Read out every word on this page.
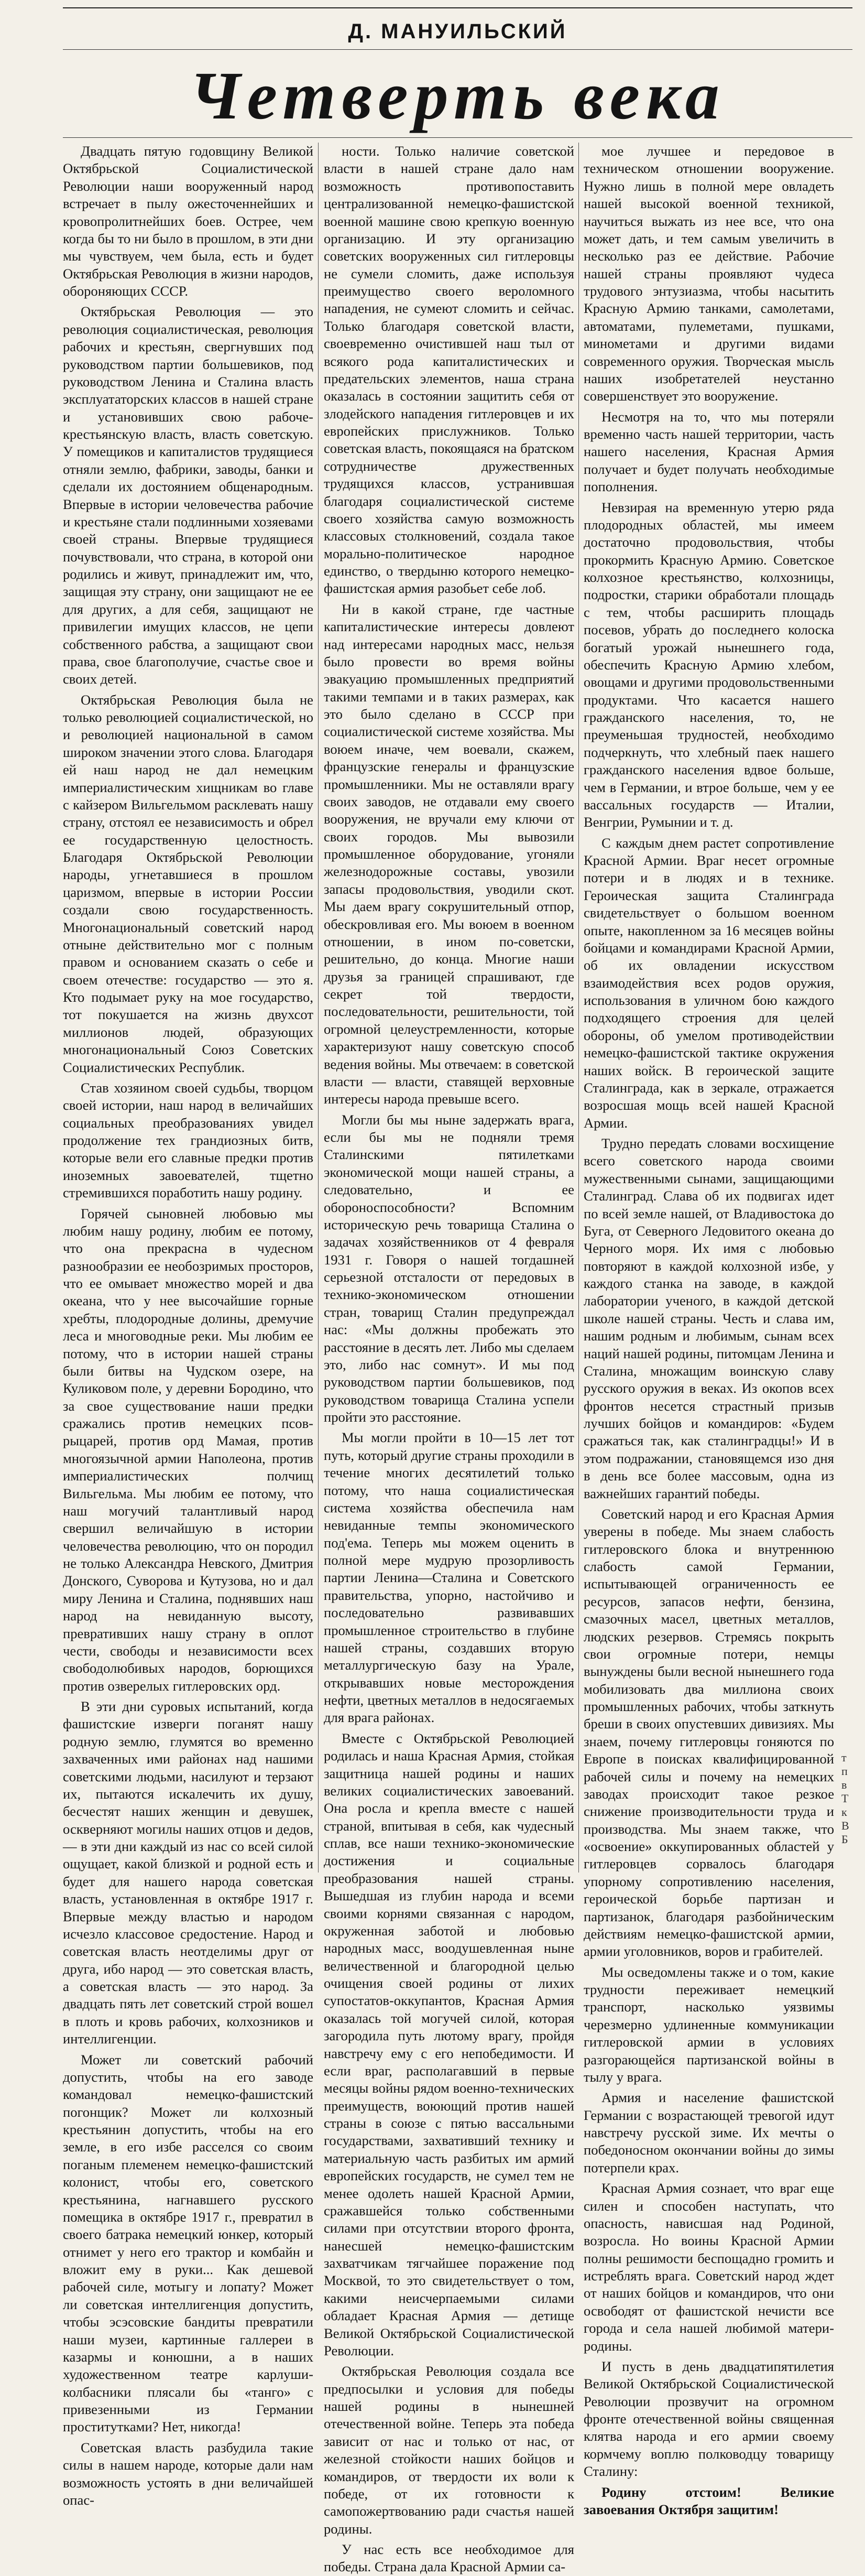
Д. МАНУИЛЬСКИЙ
Четверть века

Двадцать пятую годовщину Великой Октябрьской Социалистической Революции наши вооруженный народ встречает в пылу ожесточеннейших и кровопролитнейших боев. Острее, чем когда бы то ни было в прошлом, в эти дни мы чувствуем, чем была, есть и будет Октябрьская Революция в жизни народов, обороняющих СССР.

Октябрьская Революция — это революция социалистическая, революция рабочих и крестьян, свергнувших под руководством партии большевиков, под руководством Ленина и Сталина власть эксплуататорских классов в нашей стране и установивших свою рабоче-крестьянскую власть, власть советскую. У помещиков и капиталистов трудящиеся отняли землю, фабрики, заводы, банки и сделали их достоянием общенародным. Впервые в истории человечества рабочие и крестьяне стали подлинными хозяевами своей страны. Впервые трудящиеся почувствовали, что страна, в которой они родились и живут, принадлежит им, что, защищая эту страну, они защищают не ее для других, а для себя, защищают не привилегии имущих классов, не цепи собственного рабства, а защищают свои права, свое благополучие, счастье свое и своих детей.

Октябрьская Революция была не только революцией социалистической, но и революцией национальной в самом широком значении этого слова. Благодаря ей наш народ не дал немецким империалистическим хищникам во главе с кайзером Вильгельмом расклевать нашу страну, отстоял ее независимость и обрел ее государственную целостность. Благодаря Октябрьской Революции народы, угнетавшиеся в прошлом царизмом, впервые в истории России создали свою государственность. Многонациональный советский народ отныне действительно мог с полным правом и основанием сказать о себе и своем отечестве: государство — это я. Кто подымает руку на мое государство, тот покушается на жизнь двухсот миллионов людей, образующих многонациональный Союз Советских Социалистических Республик.

Став хозяином своей судьбы, творцом своей истории, наш народ в величайших социальных преобразованиях увидел продолжение тех грандиозных битв, которые вели его славные предки против иноземных завоевателей, тщетно стремившихся поработить нашу родину.

Горячей сыновней любовью мы любим нашу родину, любим ее потому, что она прекрасна в чудесном разнообразии ее необозримых просторов, что ее омывает множество морей и два океана, что у нее высочайшие горные хребты, плодородные долины, дремучие леса и многоводные реки. Мы любим ее потому, что в истории нашей страны были битвы на Чудском озере, на Куликовом поле, у деревни Бородино, что за свое существование наши предки сражались против немецких псов-рыцарей, против орд Мамая, против многоязычной армии Наполеона, против империалистических полчищ Вильгельма. Мы любим ее потому, что наш могучий талантливый народ свершил величайшую в истории человечества революцию, что он породил не только Александра Невского, Дмитрия Донского, Суворова и Кутузова, но и дал миру Ленина и Сталина, поднявших наш народ на невиданную высоту, превративших нашу страну в оплот чести, свободы и независимости всех свободолюбивых народов, борющихся против озверелых гитлеровских орд.

В эти дни суровых испытаний, когда фашистские изверги поганят нашу родную землю, глумятся во временно захваченных ими районах над нашими советскими людьми, насилуют и терзают их, пытаются искалечить их душу, бесчестят наших женщин и девушек, оскверняют могилы наших отцов и дедов, — в эти дни каждый из нас со всей силой ощущает, какой близкой и родной есть и будет для нашего народа советская власть, установленная в октябре 1917 г. Впервые между властью и народом исчезло классовое средостение. Народ и советская власть неотделимы друг от друга, ибо народ — это советская власть, а советская власть — это народ. За двадцать пять лет советский строй вошел в плоть и кровь рабочих, колхозников и интеллигенции.

Может ли советский рабочий допустить, чтобы на его заводе командовал немецко-фашистский погонщик? Может ли колхозный крестьянин допустить, чтобы на его земле, в его избе расселся со своим поганым племенем немецко-фашистский колонист, чтобы его, советского крестьянина, нагнавшего русского помещика в октябре 1917 г., превратил в своего батрака немецкий юнкер, который отнимет у него его трактор и комбайн и вложит ему в руки... Как дешевой рабочей силе, мотыгу и лопату? Может ли советская интеллигенция допустить, чтобы эсэсовские бандиты превратили наши музеи, картинные галлереи в казармы и конюшни, а в наших художественном театре карлуши-колбасники плясали бы «танго» с привезенными из Германии проститутками? Нет, никогда!

Советская власть разбудила такие силы в нашем народе, которые дали нам возможность устоять в дни величайшей опас-

ности. Только наличие советской власти в нашей стране дало нам возможность противопоставить централизованной немецко-фашистской военной машине свою крепкую военную организацию. И эту организацию советских вооруженных сил гитлеровцы не сумели сломить, даже используя преимущество своего вероломного нападения, не сумеют сломить и сейчас. Только благодаря советской власти, своевременно очистившей наш тыл от всякого рода капиталистических и предательских элементов, наша страна оказалась в состоянии защитить себя от злодейского нападения гитлеровцев и их европейских прислужников. Только советская власть, покоящаяся на братском сотрудничестве дружественных трудящихся классов, устранившая благодаря социалистической системе своего хозяйства самую возможность классовых столкновений, создала такое морально-политическое народное единство, о твердыню которого немецко-фашистская армия разобьет себе лоб.

Ни в какой стране, где частные капиталистические интересы довлеют над интересами народных масс, нельзя было провести во время войны эвакуацию промышленных предприятий такими темпами и в таких размерах, как это было сделано в СССР при социалистической системе хозяйства. Мы воюем иначе, чем воевали, скажем, французские генералы и французские промышленники. Мы не оставляли врагу своих заводов, не отдавали ему своего вооружения, не вручали ему ключи от своих городов. Мы вывозили промышленное оборудование, угоняли железнодорожные составы, увозили запасы продовольствия, уводили скот. Мы даем врагу сокрушительный отпор, обескровливая его. Мы воюем в военном отношении, в ином по-советски, решительно, до конца. Многие наши друзья за границей спрашивают, где секрет той твердости, последовательности, решительности, той огромной целеустремленности, которые характеризуют нашу советскую способ ведения войны. Мы отвечаем: в советской власти — власти, ставящей верховные интересы народа превыше всего.

Могли бы мы ныне задержать врага, если бы мы не подняли тремя Сталинскими пятилетками экономической мощи нашей страны, а следовательно, и ее обороноспособности? Вспомним историческую речь товарища Сталина о задачах хозяйственников от 4 февраля 1931 г. Говоря о нашей тогдашней серьезной отсталости от передовых в технико-экономическом отношении стран, товарищ Сталин предупреждал нас: «Мы должны пробежать это расстояние в десять лет. Либо мы сделаем это, либо нас сомнут». И мы под руководством партии большевиков, под руководством товарища Сталина успели пройти это расстояние.

Мы могли пройти в 10—15 лет тот путь, который другие страны проходили в течение многих десятилетий только потому, что наша социалистическая система хозяйства обеспечила нам невиданные темпы экономического под'ема. Теперь мы можем оценить в полной мере мудрую прозорливость партии Ленина—Сталина и Советского правительства, упорно, настойчиво и последовательно развивавших промышленное строительство в глубине нашей страны, создавших вторую металлургическую базу на Урале, открывавших новые месторождения нефти, цветных металлов в недосягаемых для врага районах.

Вместе с Октябрьской Революцией родилась и наша Красная Армия, стойкая защитница нашей родины и наших великих социалистических завоеваний. Она росла и крепла вместе с нашей страной, впитывая в себя, как чудесный сплав, все наши технико-экономические достижения и социальные преобразования нашей страны. Вышедшая из глубин народа и всеми своими корнями связанная с народом, окруженная заботой и любовью народных масс, воодушевленная ныне величественной и благородной целью очищения своей родины от лихих супостатов-оккупантов, Красная Армия оказалась той могучей силой, которая загородила путь лютому врагу, пройдя навстречу ему с его непобедимости. И если враг, располагавший в первые месяцы войны рядом военно-технических преимуществ, воюющий против нашей страны в союзе с пятью вассальными государствами, захвативший технику и материальную часть разбитых им армий европейских государств, не сумел тем не менее одолеть нашей Красной Армии, сражавшейся только собственными силами при отсутствии второго фронта, нанесшей немецко-фашистским захватчикам тягчайшее поражение под Москвой, то это свидетельствует о том, какими неисчерпаемыми силами обладает Красная Армия — детище Великой Октябрьской Социалистической Революции.

Октябрьская Революция создала все предпосылки и условия для победы нашей родины в нынешней отечественной войне. Теперь эта победа зависит от нас и только от нас, от железной стойкости наших бойцов и командиров, от твердости их воли к победе, от их готовности к самопожертвованию ради счастья нашей родины.

У нас есть все необходимое для победы. Страна дала Красной Армии са-

мое лучшее и передовое в техническом отношении вооружение. Нужно лишь в полной мере овладеть нашей высокой военной техникой, научиться выжать из нее все, что она может дать, и тем самым увеличить в несколько раз ее действие. Рабочие нашей страны проявляют чудеса трудового энтузиазма, чтобы насытить Красную Армию танками, самолетами, автоматами, пулеметами, пушками, минометами и другими видами современного оружия. Творческая мысль наших изобретателей неустанно совершенствует это вооружение.

Несмотря на то, что мы потеряли временно часть нашей территории, часть нашего населения, Красная Армия получает и будет получать необходимые пополнения.

Невзирая на временную утерю ряда плодородных областей, мы имеем достаточно продовольствия, чтобы прокормить Красную Армию. Советское колхозное крестьянство, колхозницы, подростки, старики обработали площадь с тем, чтобы расширить площадь посевов, убрать до последнего колоска богатый урожай нынешнего года, обеспечить Красную Армию хлебом, овощами и другими продовольственными продуктами. Что касается нашего гражданского населения, то, не преуменьшая трудностей, необходимо подчеркнуть, что хлебный паек нашего гражданского населения вдвое больше, чем в Германии, и втрое больше, чем у ее вассальных государств — Италии, Венгрии, Румынии и т. д.

С каждым днем растет сопротивление Красной Армии. Враг несет огромные потери и в людях и в технике. Героическая защита Сталинграда свидетельствует о большом военном опыте, накопленном за 16 месяцев войны бойцами и командирами Красной Армии, об их овладении искусством взаимодействия всех родов оружия, использования в уличном бою каждого подходящего строения для целей обороны, об умелом противодействии немецко-фашистской тактике окружения наших войск. В героической защите Сталинграда, как в зеркале, отражается возросшая мощь всей нашей Красной Армии.

Трудно передать словами восхищение всего советского народа своими мужественными сынами, защищающими Сталинград. Слава об их подвигах идет по всей земле нашей, от Владивостока до Буга, от Северного Ледовитого океана до Черного моря. Их имя с любовью повторяют в каждой колхозной избе, у каждого станка на заводе, в каждой лаборатории ученого, в каждой детской школе нашей страны. Честь и слава им, нашим родным и любимым, сынам всех наций нашей родины, питомцам Ленина и Сталина, множащим воинскую славу русского оружия в веках. Из окопов всех фронтов несется страстный призыв лучших бойцов и командиров: «Будем сражаться так, как сталинградцы!» И в этом подражании, становящемся изо дня в день все более массовым, одна из важнейших гарантий победы.

Советский народ и его Красная Армия уверены в победе. Мы знаем слабость гитлеровского блока и внутреннюю слабость самой Германии, испытывающей ограниченность ее ресурсов, запасов нефти, бензина, смазочных масел, цветных металлов, людских резервов. Стремясь покрыть свои огромные потери, немцы вынуждены были весной нынешнего года мобилизовать два миллиона своих промышленных рабочих, чтобы заткнуть бреши в своих опустевших дивизиях. Мы знаем, почему гитлеровцы гоняются по Европе в поисках квалифицированной рабочей силы и почему на немецких заводах происходит такое резкое снижение производительности труда и производства. Мы знаем также, что «освоение» оккупированных областей у гитлеровцев сорвалось благодаря упорному сопротивлению населения, героической борьбе партизан и партизанок, благодаря разбойническим действиям немецко-фашистской армии, армии уголовников, воров и грабителей.

Мы осведомлены также и о том, какие трудности переживает немецкий транспорт, насколько уязвимы черезмерно удлиненные коммуникации гитлеровской армии в условиях разгорающейся партизанской войны в тылу у врага.

Армия и население фашистской Германии с возрастающей тревогой идут навстречу русской зиме. Их мечты о победоносном окончании войны до зимы потерпели крах.

Красная Армия сознает, что враг еще силен и способен наступать, что опасность, нависшая над Родиной, возросла. Но воины Красной Армии полны решимости беспощадно громить и истреблять врага. Советский народ ждет от наших бойцов и командиров, что они освободят от фашистской нечисти все города и села нашей любимой матери-родины.

И пусть в день двадцатипятилетия Великой Октябрьской Социалистической Революции прозвучит на огромном фронте отечественной войны священная клятва народа и его армии своему кормчему воплю полководцу товарищу Сталину:

Родину отстоим! Великие завоевания Октября защитим!

т
п
в
Т
к
В
Б
